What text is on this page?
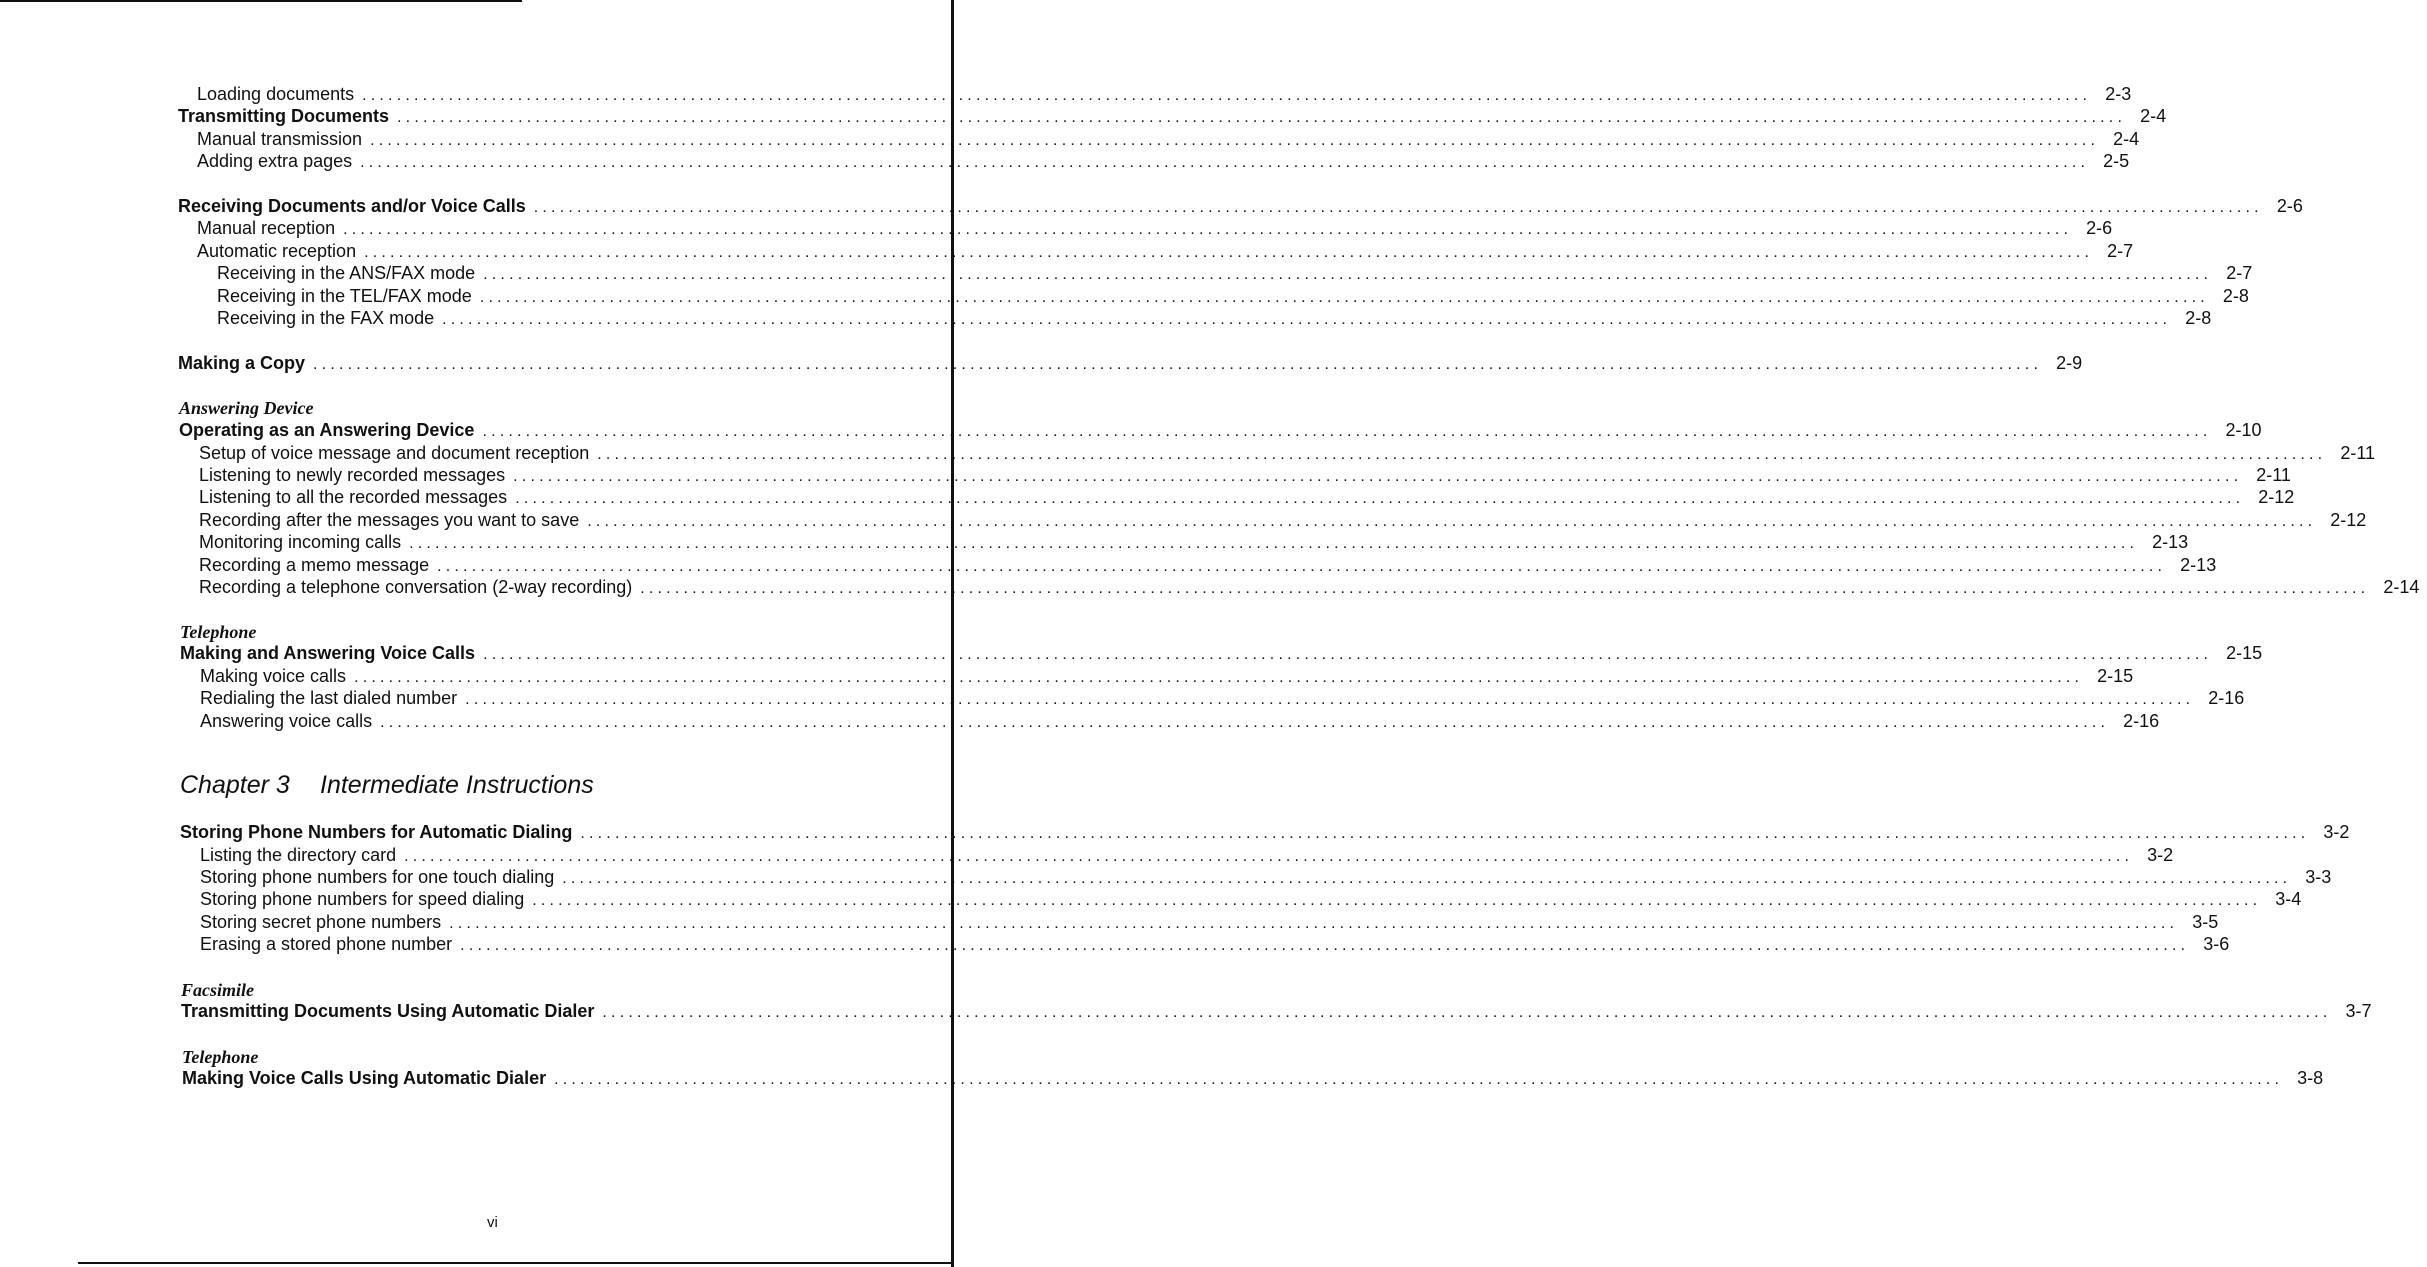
Loading documents ........................................................................................................................................................................................................ 2-3
Transmitting Documents ........................................................................................................................................................................................................ 2-4
Manual transmission ........................................................................................................................................................................................................ 2-4
Adding extra pages ........................................................................................................................................................................................................ 2-5
Receiving Documents and/or Voice Calls ........................................................................................................................................................................................................ 2-6
Manual reception ........................................................................................................................................................................................................ 2-6
Automatic reception ........................................................................................................................................................................................................ 2-7
Receiving in the ANS/FAX mode ........................................................................................................................................................................................................ 2-7
Receiving in the TEL/FAX mode ........................................................................................................................................................................................................ 2-8
Receiving in the FAX mode ........................................................................................................................................................................................................ 2-8
Making a Copy ........................................................................................................................................................................................................ 2-9
Answering Device
Operating as an Answering Device ........................................................................................................................................................................................................ 2-10
Setup of voice message and document reception ........................................................................................................................................................................................................ 2-11
Listening to newly recorded messages ........................................................................................................................................................................................................ 2-11
Listening to all the recorded messages ........................................................................................................................................................................................................ 2-12
Recording after the messages you want to save ........................................................................................................................................................................................................ 2-12
Monitoring incoming calls ........................................................................................................................................................................................................ 2-13
Recording a memo message ........................................................................................................................................................................................................ 2-13
Recording a telephone conversation (2-way recording) ........................................................................................................................................................................................................ 2-14
Telephone
Making and Answering Voice Calls ........................................................................................................................................................................................................ 2-15
Making voice calls ........................................................................................................................................................................................................ 2-15
Redialing the last dialed number ........................................................................................................................................................................................................ 2-16
Answering voice calls ........................................................................................................................................................................................................ 2-16
Chapter 3 Intermediate Instructions
Storing Phone Numbers for Automatic Dialing ........................................................................................................................................................................................................ 3-2
Listing the directory card ........................................................................................................................................................................................................ 3-2
Storing phone numbers for one touch dialing ........................................................................................................................................................................................................ 3-3
Storing phone numbers for speed dialing ........................................................................................................................................................................................................ 3-4
Storing secret phone numbers ........................................................................................................................................................................................................ 3-5
Erasing a stored phone number ........................................................................................................................................................................................................ 3-6
Facsimile
Transmitting Documents Using Automatic Dialer ........................................................................................................................................................................................................ 3-7
Telephone
Making Voice Calls Using Automatic Dialer ........................................................................................................................................................................................................ 3-8
vi
